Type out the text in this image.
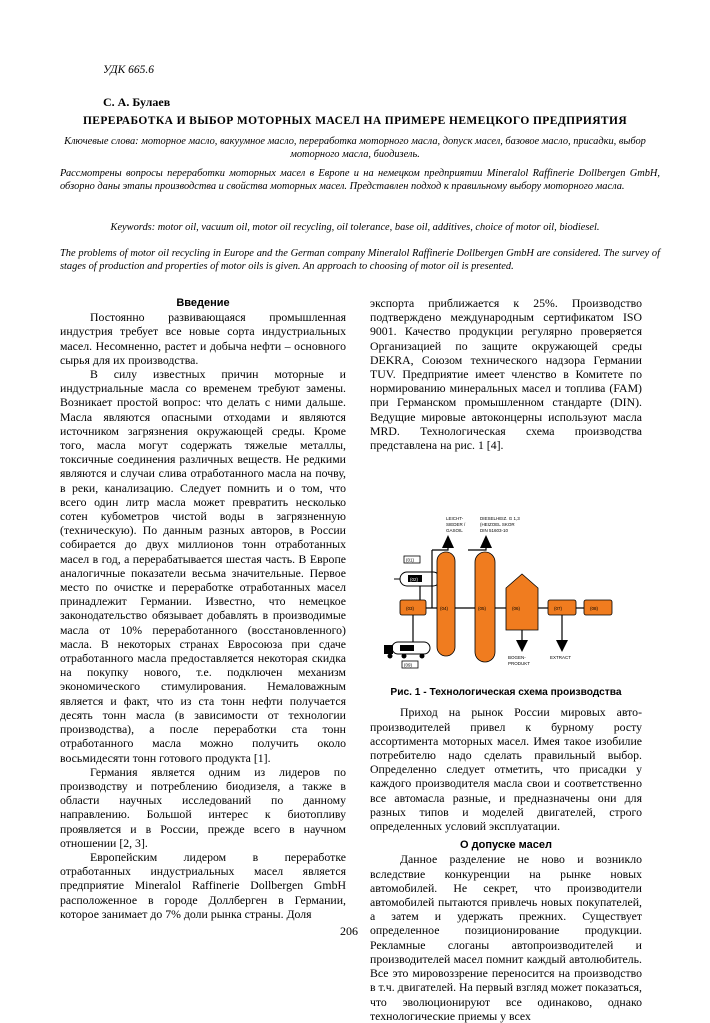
УДК 665.6
С. А. Булаев
ПЕРЕРАБОТКА И ВЫБОР МОТОРНЫХ МАСЕЛ НА ПРИМЕРЕ НЕМЕЦКОГО ПРЕДПРИЯТИЯ
Ключевые слова: моторное масло, вакуумное масло, переработка моторного масла, допуск масел, базовое масло, присадки, выбор моторного масла, биодизель.
Рассмотрены вопросы переработки моторных масел в Европе и на немецком предприятии Mineralol Raffinerie Dollbergen GmbH, обзорно даны этапы производства и свойства моторных масел. Представлен подход к правильному выбору моторного масла.
Keywords: motor oil, vacuum oil, motor oil recycling, oil tolerance, base oil, additives, choice of motor oil, biodiesel.
The problems of motor oil recycling in Europe and the German company Mineralol Raffinerie Dollbergen GmbH are considered. The survey of stages of production and properties of motor oils is given. An approach to choosing of motor oil is presented.

Введение

Постоянно развивающаяся промышленная индустрия требует все новые сорта индустриальных масел. Несомненно, растет и добыча нефти – основного сырья для их производства.

В силу известных причин моторные и индустриальные масла со временем требуют замены. Возникает простой вопрос: что делать с ними дальше. Масла являются опасными отходами и являются источником загрязнения окружающей среды. Кроме того, масла могут содержать тяжелые металлы, токсичные соединения различных веществ. Не редкими являются и случаи слива отработанного масла на почву, в реки, канализацию. Следует помнить и о том, что всего один литр масла может превратить несколько сотен кубометров чистой воды в загрязненную (техническую). По данным разных авторов, в России собирается до двух миллионов тонн отработанных масел в год, а перерабатывается шестая часть. В Европе аналогичные показатели весьма значительные. Первое место по очистке и переработке отработанных масел принадлежит Германии. Известно, что немецкое законодательство обязывает добавлять в производимые масла от 10% переработанного (восстановленного) масла. В некоторых странах Евросоюза при сдаче отработанного масла предоставляется некоторая скидка на покупку нового, т.е. подключен механизм экономического стимулирования. Немаловажным является и факт, что из ста тонн нефти получается десять тонн масла (в зависимости от технологии производства), а после переработки ста тонн отработанного масла можно получить около восьмидесяти тонн готового продукта [1].

Германия является одним из лидеров по производству и потреблению биодизеля, а также в области научных исследований по данному направлению. Большой интерес к биотопливу проявляется и в России, прежде всего в научном отношении [2, 3].

Европейским лидером в переработке отработанных индустриальных масел является предприятие Mineralol Raffinerie Dollbergen GmbH расположенное в городе Доллберген в Германии, которое занимает до 7% доли рынка страны. Доля

экспорта приближается к 25%. Производство подтверждено международным сертификатом ISO 9001. Качество продукции регулярно проверяется Организацией по защите окружающей среды DEKRA, Союзом технического надзора Германии TUV. Предприятие имеет членство в Комитете по нормированию минеральных масел и топлива (FAM) при Германском промышленном стандарте (DIN). Ведущие мировые автоконцерны используют масла MRD. Технологическая схема производства представлена на рис. 1 [4].

LEICHT-
SIEDER /
GASOIL
DIESELHEIZ. G 1,3
(HEIZOEL SKOR
DIN 51603-10
(01)
(02)
(03)	(04)	(05)	(06)	(07)	(08)
BOGEN-
PRODUKT
EXTRACT
(09)
Рис. 1 - Технологическая схема производства

Приход на рынок России мировых авто-производителей привел к бурному росту ассортимента моторных масел. Имея такое изобилие потребителю надо сделать правильный выбор. Определенно следует отметить, что присадки у каждого производителя масла свои и соответственно все автомасла разные, и предназначены они для разных типов и моделей двигателей, строго определенных условий эксплуатации.

О допуске масел

Данное разделение не ново и возникло вследствие конкуренции на рынке новых автомобилей. Не секрет, что производители автомобилей пытаются привлечь новых покупателей, а затем и удержать прежних. Существует определенное позиционирование продукции. Рекламные слоганы автопроизводителей и производителей масел помнит каждый автолюбитель. Все это мировоззрение переносится на производство в т.ч. двигателей. На первый взгляд может показаться, что эволюционируют все одинаково, однако технологические приемы у всех

206
